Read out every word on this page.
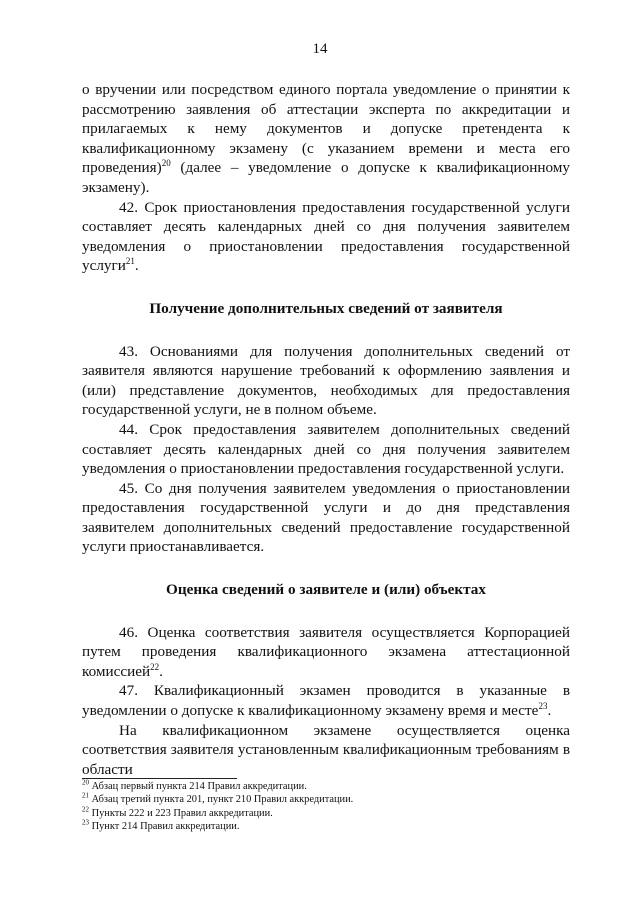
14

о вручении или посредством единого портала уведомление о принятии к рассмотрению заявления об аттестации эксперта по аккредитации и прилагаемых к нему документов и допуске претендента к квалификационному экзамену (с указанием времени и места его проведения)$^{20}$ (далее – уведомление о допуске к квалификационному экзамену).

42. Срок приостановления предоставления государственной услуги составляет десять календарных дней со дня получения заявителем уведомления о приостановлении предоставления государственной услуги$^{21}$.

Получение дополнительных сведений от заявителя

43. Основаниями для получения дополнительных сведений от заявителя являются нарушение требований к оформлению заявления и (или) представление документов, необходимых для предоставления государственной услуги, не в полном объеме.

44. Срок предоставления заявителем дополнительных сведений составляет десять календарных дней со дня получения заявителем уведомления о приостановлении предоставления государственной услуги.

45. Со дня получения заявителем уведомления о приостановлении предоставления государственной услуги и до дня представления заявителем дополнительных сведений предоставление государственной услуги приостанавливается.

Оценка сведений о заявителе и (или) объектах

46. Оценка соответствия заявителя осуществляется Корпорацией путем проведения квалификационного экзамена аттестационной комиссией$^{22}$.

47. Квалификационный экзамен проводится в указанные в уведомлении о допуске к квалификационному экзамену время и месте$^{23}$.

На квалификационном экзамене осуществляется оценка соответствия заявителя установленным квалификационным требованиям в области

$^{20}$ Абзац первый пункта 214 Правил аккредитации.

$^{21}$ Абзац третий пункта 201, пункт 210 Правил аккредитации.

$^{22}$ Пункты 222 и 223 Правил аккредитации.

$^{23}$ Пункт 214 Правил аккредитации.
